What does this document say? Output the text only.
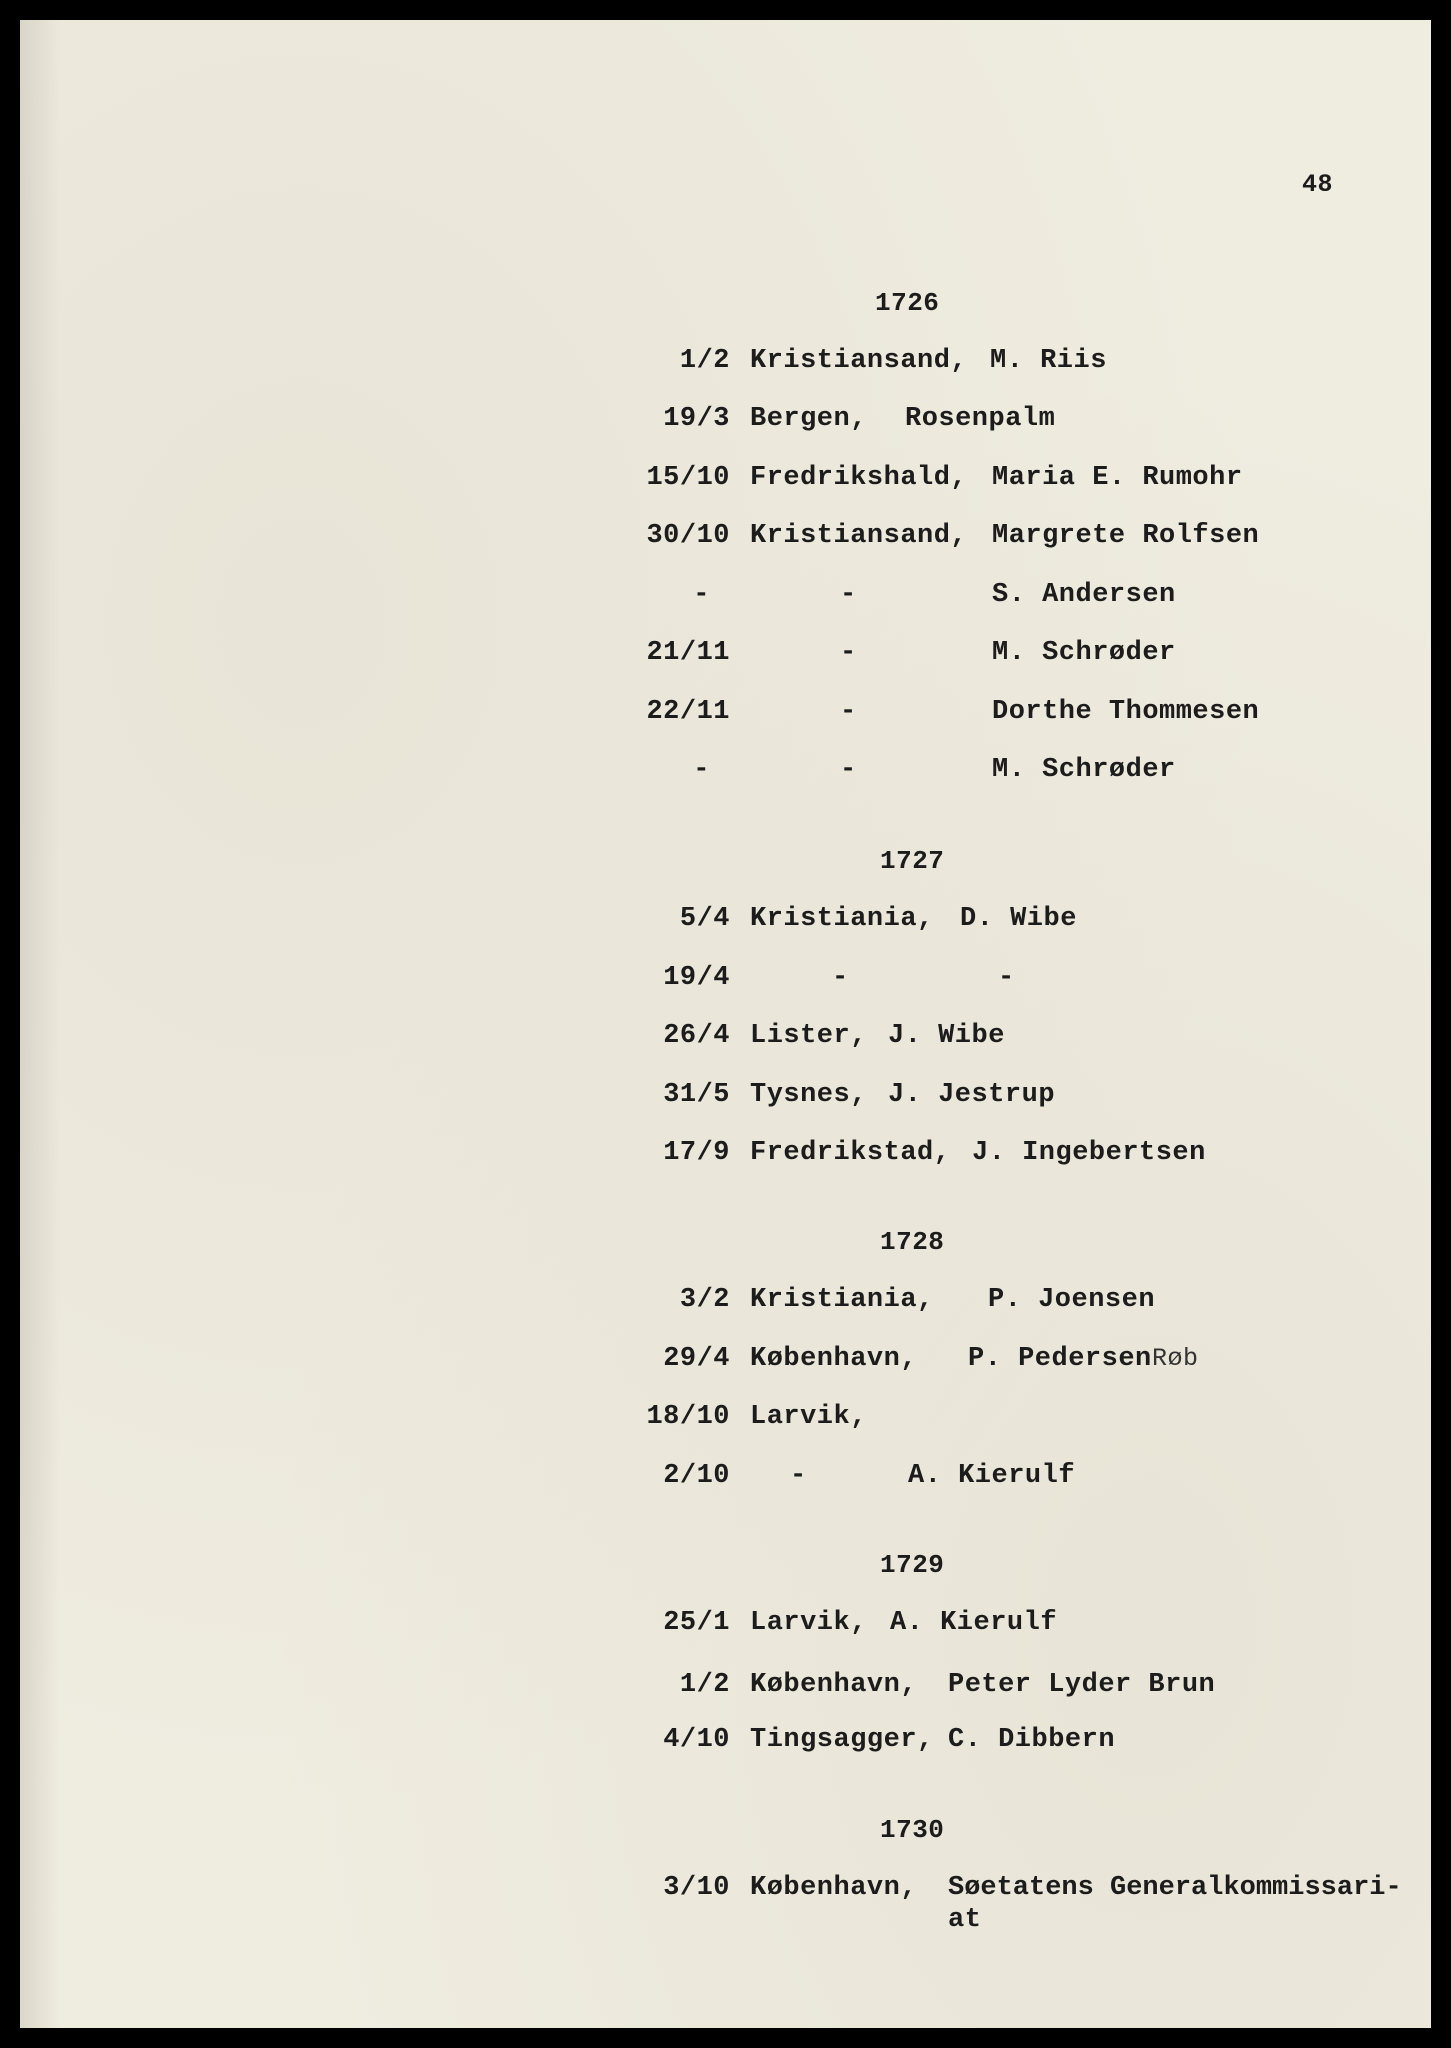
48
1726
1/2 Kristiansand, M. Riis
19/3 Bergen, Rosenpalm
15/10 Fredrikshald, Maria E. Rumohr
30/10 Kristiansand, Margrete Rolfsen
-	-	S. Andersen
21/11	-	M. Schrøder
22/11	-	Dorthe Thommesen
-	-	M. Schrøder
1727
5/4 Kristiania, D. Wibe
19/4	-	-
26/4 Lister, J. Wibe
31/5 Tysnes, J. Jestrup
17/9 Fredrikstad, J. Ingebertsen
1728
3/2 Kristiania, P. Joensen
29/4 København, P. Pedersen Røb
18/10 Larvik,
2/10 -	A. Kierulf
1729
25/1 Larvik, A. Kierulf
1/2 København, Peter Lyder Brun
4/10 Tingsagger, C. Dibbern
1730
3/10 København, Søetatens Generalkommissari-
at
